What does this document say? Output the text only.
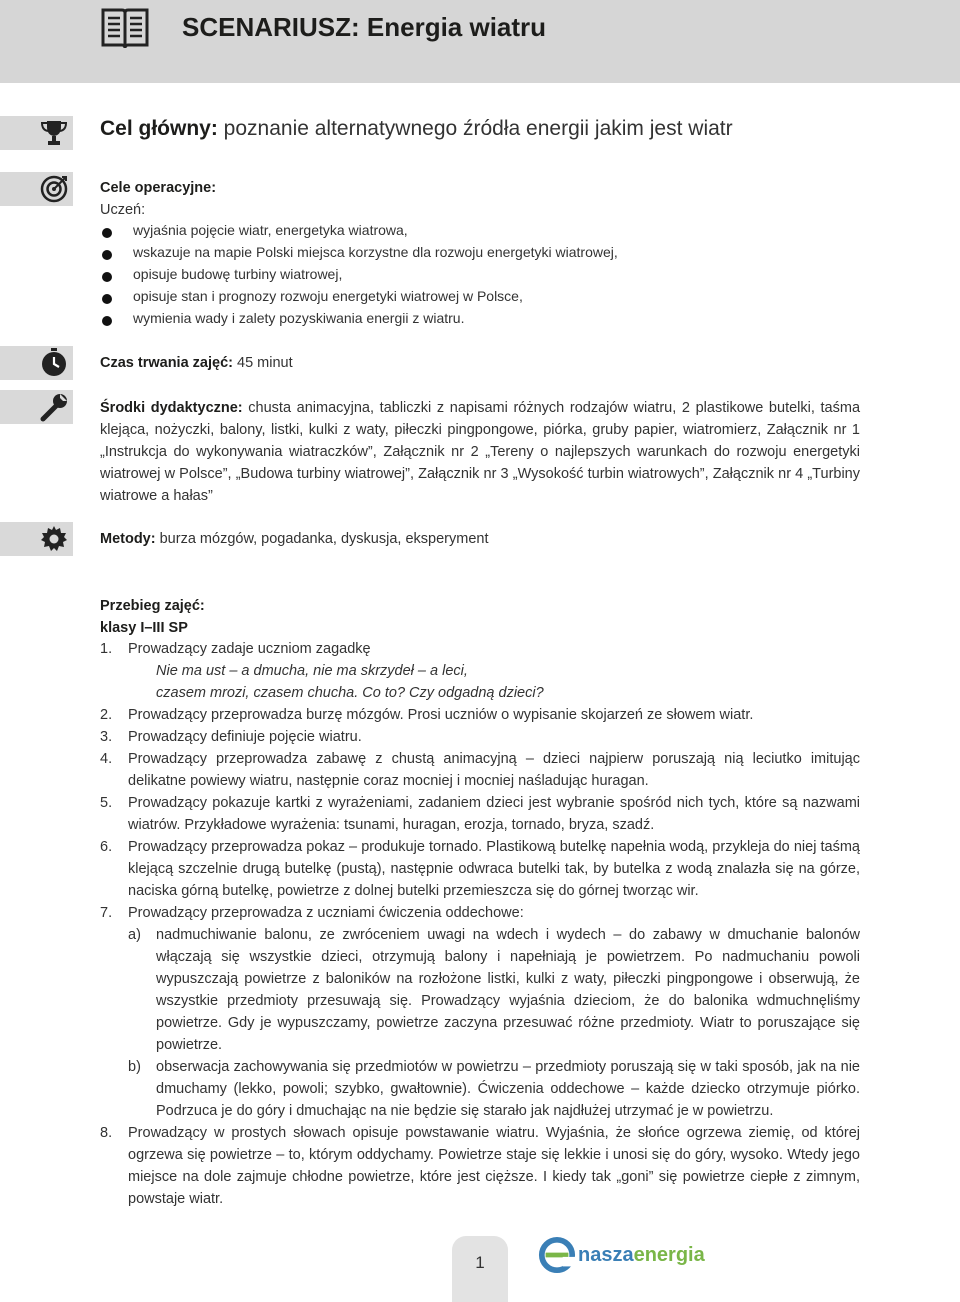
SCENARIUSZ: Energia wiatru
Cel główny: poznanie alternatywnego źródła energii jakim jest wiatr
Cele operacyjne:
Uczeń:
wyjaśnia pojęcie wiatr, energetyka wiatrowa,
wskazuje na mapie Polski miejsca korzystne dla rozwoju energetyki wiatrowej,
opisuje budowę turbiny wiatrowej,
opisuje stan i prognozy rozwoju energetyki wiatrowej w Polsce,
wymienia wady i zalety pozyskiwania energii z wiatru.
Czas trwania zajęć: 45 minut
Środki dydaktyczne: chusta animacyjna, tabliczki z napisami różnych rodzajów wiatru, 2 plastikowe butelki, taśma klejąca, nożyczki, balony, listki, kulki z waty, piłeczki pingpongowe, piórka, gruby papier, wiatromierz, Załącznik nr 1 „Instrukcja do wykonywania wiatraczków”, Załącznik nr 2 „Tereny o najlepszych warunkach do rozwoju energetyki wiatrowej w Polsce”, „Budowa turbiny wiatrowej”, Załącznik nr 3 „Wysokość turbin wiatrowych”, Załącznik nr 4 „Turbiny wiatrowe a hałas”
Metody: burza mózgów, pogadanka, dyskusja, eksperyment
Przebieg zajęć:
klasy I–III SP
1. Prowadzący zadaje uczniom zagadkę
Nie ma ust – a dmucha, nie ma skrzydeł – a leci,
czasem mrozi, czasem chucha. Co to? Czy odgadną dzieci?
2. Prowadzący przeprowadza burzę mózgów. Prosi uczniów o wypisanie skojarzeń ze słowem wiatr.
3. Prowadzący definiuje pojęcie wiatru.
4. Prowadzący przeprowadza zabawę z chustą animacyjną – dzieci najpierw poruszają nią leciutko imitując delikatne powiewy wiatru, następnie coraz mocniej i mocniej naśladując huragan.
5. Prowadzący pokazuje kartki z wyrażeniami, zadaniem dzieci jest wybranie spośród nich tych, które są nazwami wiatrów. Przykładowe wyrażenia: tsunami, huragan, erozja, tornado, bryza, szadź.
6. Prowadzący przeprowadza pokaz – produkuje tornado. Plastikową butelkę napełnia wodą, przykleja do niej taśmą klejącą szczelnie drugą butelkę (pustą), następnie odwraca butelki tak, by butelka z wodą znalazła się na górze, naciska górną butelkę, powietrze z dolnej butelki przemieszcza się do górnej tworząc wir.
7. Prowadzący przeprowadza z uczniami ćwiczenia oddechowe:
a) nadmuchiwanie balonu, ze zwróceniem uwagi na wdech i wydech – do zabawy w dmuchanie balonów włączają się wszystkie dzieci, otrzymują balony i napełniają je powietrzem. Po nadmuchaniu powoli wypuszczają powietrze z baloników na rozłożone listki, kulki z waty, piłeczki pingpongowe i obserwują, że wszystkie przedmioty przesuwają się. Prowadzący wyjaśnia dzieciom, że do balonika wdmuchnęliśmy powietrze. Gdy je wypuszczamy, powietrze zaczyna przesuwać różne przedmioty. Wiatr to poruszające się powietrze.
b) obserwacja zachowywania się przedmiotów w powietrzu – przedmioty poruszają się w taki sposób, jak na nie dmuchamy (lekko, powoli; szybko, gwałtownie). Ćwiczenia oddechowe – każde dziecko otrzymuje piórko. Podrzuca je do góry i dmuchając na nie będzie się starało jak najdłużej utrzymać je w powietrzu.
8. Prowadzący w prostych słowach opisuje powstawanie wiatru. Wyjaśnia, że słońce ogrzewa ziemię, od której ogrzewa się powietrze – to, którym oddychamy. Powietrze staje się lekkie i unosi się do góry, wysoko. Wtedy jego miejsce na dole zajmuje chłodne powietrze, które jest cięższe. I kiedy tak „goni” się powietrze ciepłe z zimnym, powstaje wiatr.
1	naszaenergia
